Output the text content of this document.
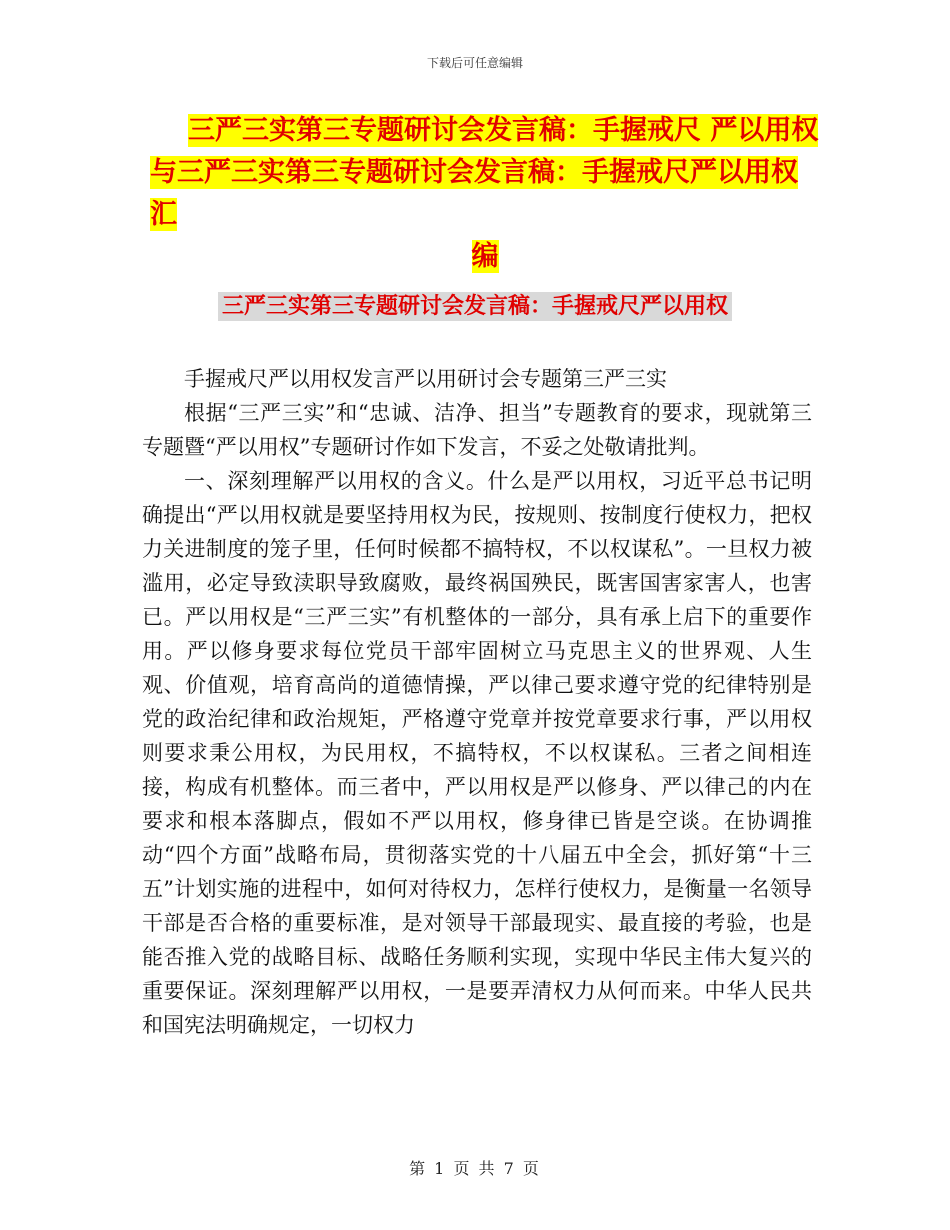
下载后可任意编辑
三严三实第三专题研讨会发言稿：手握戒尺 严以用权
与三严三实第三专题研讨会发言稿：手握戒尺严以用权汇
编
三严三实第三专题研讨会发言稿：手握戒尺严以用权

手握戒尺严以用权发言严以用研讨会专题第三严三实

根据“三严三实”和“忠诚、洁净、担当”专题教育的要求，现就第三专题暨“严以用权”专题研讨作如下发言，不妥之处敬请批判。

一、深刻理解严以用权的含义。什么是严以用权，习近平总书记明确提出“严以用权就是要坚持用权为民，按规则、按制度行使权力，把权力关进制度的笼子里，任何时候都不搞特权，不以权谋私”。一旦权力被滥用，必定导致渎职导致腐败，最终祸国殃民，既害国害家害人，也害已。严以用权是“三严三实”有机整体的一部分，具有承上启下的重要作用。严以修身要求每位党员干部牢固树立马克思主义的世界观、人生观、价值观，培育高尚的道德情操，严以律己要求遵守党的纪律特别是党的政治纪律和政治规矩，严格遵守党章并按党章要求行事，严以用权则要求秉公用权，为民用权，不搞特权，不以权谋私。三者之间相连接，构成有机整体。而三者中，严以用权是严以修身、严以律己的内在要求和根本落脚点，假如不严以用权，修身律已皆是空谈。在协调推动“四个方面”战略布局，贯彻落实党的十八届五中全会，抓好第“十三五”计划实施的进程中，如何对待权力，怎样行使权力，是衡量一名领导干部是否合格的重要标准，是对领导干部最现实、最直接的考验，也是能否推入党的战略目标、战略任务顺利实现，实现中华民主伟大复兴的重要保证。深刻理解严以用权，一是要弄清权力从何而来。中华人民共和国宪法明确规定，一切权力

第 1 页 共 7 页
